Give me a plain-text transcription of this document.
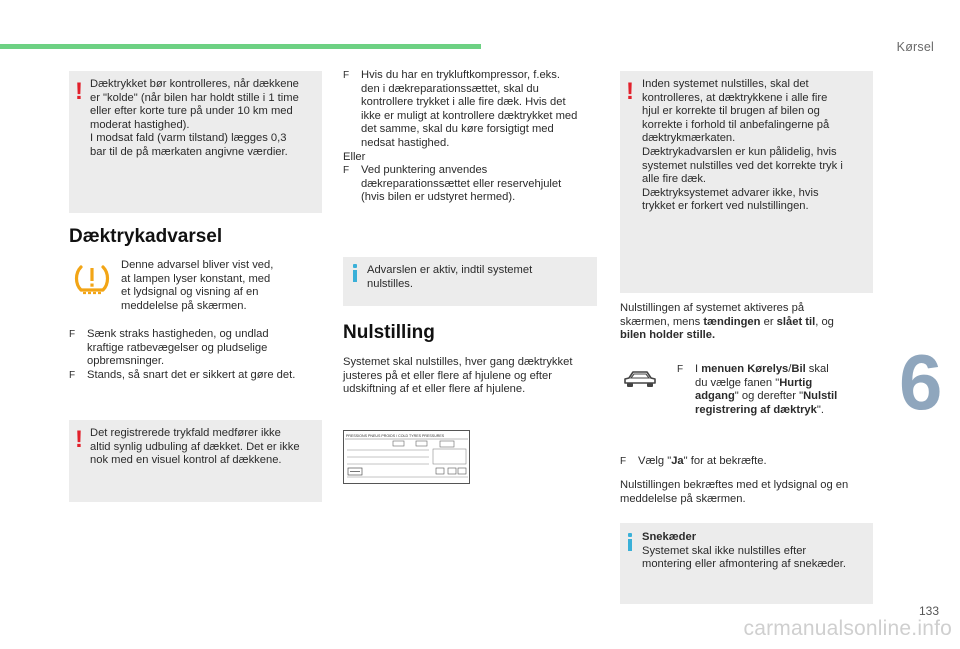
Kørsel
6
! Dæktrykket bør kontrolleres, når dækkene

er "kolde" (når bilen har holdt stille i 1 time

eller efter korte ture på under 10 km med

moderat hastighed).

I modsat fald (varm tilstand) lægges 0,3

bar til de på mærkaten angivne værdier.

Dæktrykadvarsel

Denne advarsel bliver vist ved,

at lampen lyser konstant, med

et lydsignal og visning af en

meddelelse på skærmen.

F	Sænk straks hastigheden, og undlad

kraftige ratbevægelser og pludselige

opbremsninger.

F	Stands, så snart det er sikkert at gøre det.

! Det registrerede trykfald medfører ikke

altid synlig udbuling af dækket. Det er ikke

nok med en visuel kontrol af dækkene.

F	Hvis du har en trykluftkompressor, f.eks.

den i dækreparationssættet, skal du

kontrollere trykket i alle fire dæk. Hvis det

ikke er muligt at kontrollere dæktrykket med

det samme, skal du køre forsigtigt med

nedsat hastighed.

Eller

F	Ved punktering anvendes

dækreparationssættet eller reservehjulet

(hvis bilen er udstyret hermed).

Advarslen er aktiv, indtil systemet

nulstilles.

Nulstilling

Systemet skal nulstilles, hver gang dæktrykket

justeres på et eller flere af hjulene og efter

udskiftning af et eller flere af hjulene.

PRESSIONS PNEUS PROIDS / COLD TYRES PRESSURES
! Inden systemet nulstilles, skal det

kontrolleres, at dæktrykkene i alle fire

hjul er korrekte til brugen af bilen og

korrekte i forhold til anbefalingerne på

dæktrykmærkaten.

Dæktrykadvarslen er kun pålidelig, hvis

systemet nulstilles ved det korrekte tryk i

alle fire dæk.

Dæktryksystemet advarer ikke, hvis

trykket er forkert ved nulstillingen.

Nulstillingen af systemet aktiveres på

skærmen, mens tændingen er slået til, og

bilen holder stille.

F	I menuen Kørelys/Bil skal

du vælge fanen "Hurtig

adgang" og derefter "Nulstil

registrering af dæktryk".

F	Vælg "Ja" for at bekræfte.

Nulstillingen bekræftes med et lydsignal og en

meddelelse på skærmen.

Snekæder

Systemet skal ikke nulstilles efter

montering eller afmontering af snekæder.

133
carmanualsonline.info
